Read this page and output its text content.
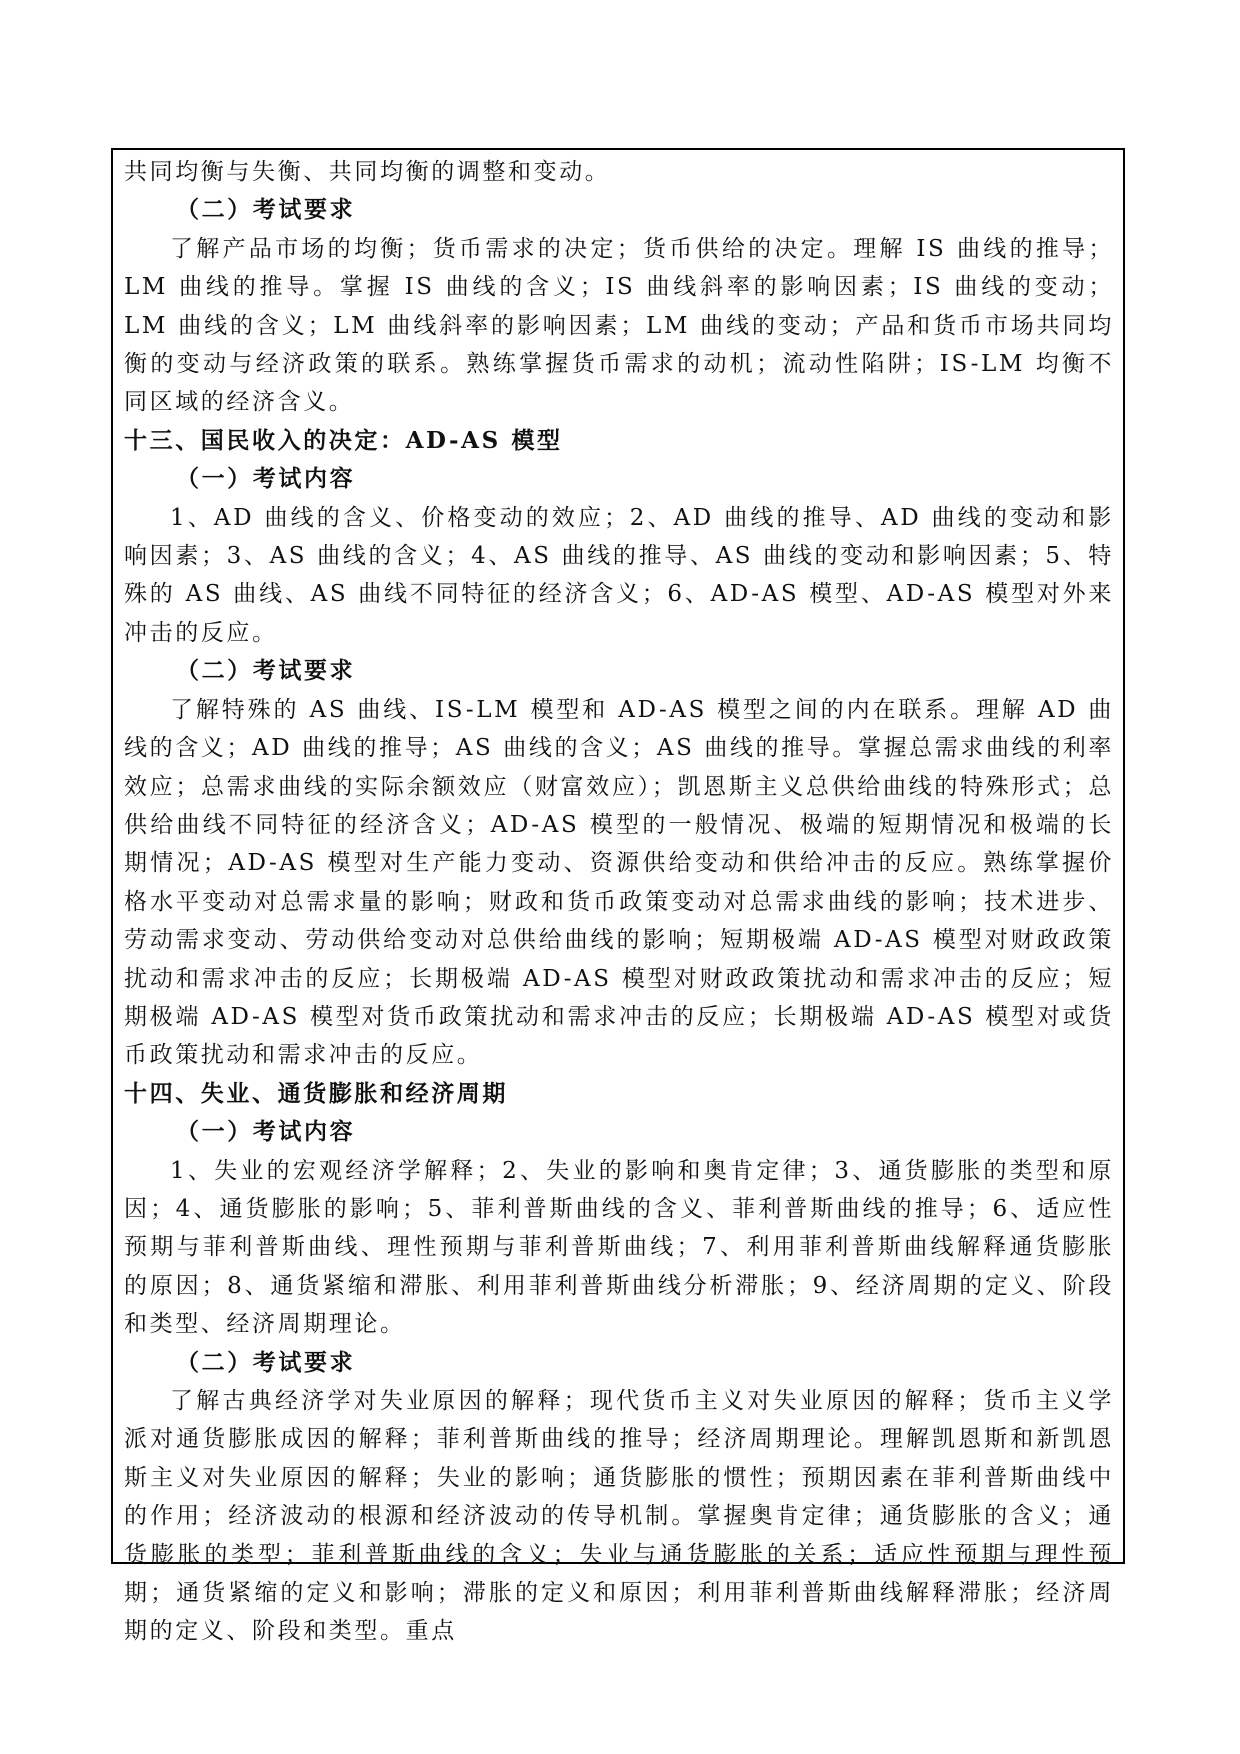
共同均衡与失衡、共同均衡的调整和变动。

（二）考试要求

了解产品市场的均衡；货币需求的决定；货币供给的决定。理解 IS 曲线的推导；LM 曲线的推导。掌握 IS 曲线的含义；IS 曲线斜率的影响因素；IS 曲线的变动；LM 曲线的含义；LM 曲线斜率的影响因素；LM 曲线的变动；产品和货币市场共同均衡的变动与经济政策的联系。熟练掌握货币需求的动机；流动性陷阱；IS-LM 均衡不同区域的经济含义。

十三、国民收入的决定：AD-AS 模型

（一）考试内容

1、AD 曲线的含义、价格变动的效应；2、AD 曲线的推导、AD 曲线的变动和影响因素；3、AS 曲线的含义；4、AS 曲线的推导、AS 曲线的变动和影响因素；5、特殊的 AS 曲线、AS 曲线不同特征的经济含义；6、AD-AS 模型、AD-AS 模型对外来冲击的反应。

（二）考试要求

了解特殊的 AS 曲线、IS-LM 模型和 AD-AS 模型之间的内在联系。理解 AD 曲线的含义；AD 曲线的推导；AS 曲线的含义；AS 曲线的推导。掌握总需求曲线的利率效应；总需求曲线的实际余额效应（财富效应）；凯恩斯主义总供给曲线的特殊形式；总供给曲线不同特征的经济含义；AD-AS 模型的一般情况、极端的短期情况和极端的长期情况；AD-AS 模型对生产能力变动、资源供给变动和供给冲击的反应。熟练掌握价格水平变动对总需求量的影响；财政和货币政策变动对总需求曲线的影响；技术进步、劳动需求变动、劳动供给变动对总供给曲线的影响；短期极端 AD-AS 模型对财政政策扰动和需求冲击的反应；长期极端 AD-AS 模型对财政政策扰动和需求冲击的反应；短期极端 AD-AS 模型对货币政策扰动和需求冲击的反应；长期极端 AD-AS 模型对或货币政策扰动和需求冲击的反应。

十四、失业、通货膨胀和经济周期

（一）考试内容

1、失业的宏观经济学解释；2、失业的影响和奥肯定律；3、通货膨胀的类型和原因；4、通货膨胀的影响；5、菲利普斯曲线的含义、菲利普斯曲线的推导；6、适应性预期与菲利普斯曲线、理性预期与菲利普斯曲线；7、利用菲利普斯曲线解释通货膨胀的原因；8、通货紧缩和滞胀、利用菲利普斯曲线分析滞胀；9、经济周期的定义、阶段和类型、经济周期理论。

（二）考试要求

了解古典经济学对失业原因的解释；现代货币主义对失业原因的解释；货币主义学派对通货膨胀成因的解释；菲利普斯曲线的推导；经济周期理论。理解凯恩斯和新凯恩斯主义对失业原因的解释；失业的影响；通货膨胀的惯性；预期因素在菲利普斯曲线中的作用；经济波动的根源和经济波动的传导机制。掌握奥肯定律；通货膨胀的含义；通货膨胀的类型；菲利普斯曲线的含义；失业与通货膨胀的关系；适应性预期与理性预期；通货紧缩的定义和影响；滞胀的定义和原因；利用菲利普斯曲线解释滞胀；经济周期的定义、阶段和类型。重点
